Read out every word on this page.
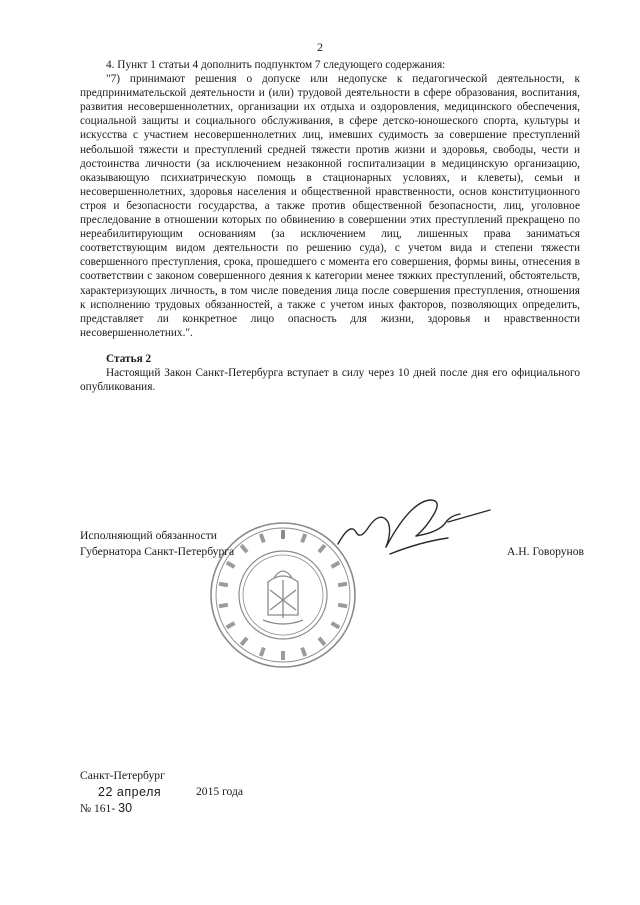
2

4. Пункт 1 статьи 4 дополнить подпунктом 7 следующего содержания:

"7) принимают решения о допуске или недопуске к педагогической деятельности, к предпринимательской деятельности и (или) трудовой деятельности в сфере образования, воспитания, развития несовершеннолетних, организации их отдыха и оздоровления, медицинского обеспечения, социальной защиты и социального обслуживания, в сфере детско-юношеского спорта, культуры и искусства с участием несовершеннолетних лиц, имевших судимость за совершение преступлений небольшой тяжести и преступлений средней тяжести против жизни и здоровья, свободы, чести и достоинства личности (за исключением незаконной госпитализации в медицинскую организацию, оказывающую психиатрическую помощь в стационарных условиях, и клеветы), семьи и несовершеннолетних, здоровья населения и общественной нравственности, основ конституционного строя и безопасности государства, а также против общественной безопасности, лиц, уголовное преследование в отношении которых по обвинению в совершении этих преступлений прекращено по нереабилитирующим основаниям (за исключением лиц, лишенных права заниматься соответствующим видом деятельности по решению суда), с учетом вида и степени тяжести совершенного преступления, срока, прошедшего с момента его совершения, формы вины, отнесения в соответствии с законом совершенного деяния к категории менее тяжких преступлений, обстоятельств, характеризующих личность, в том числе поведения лица после совершения преступления, отношения к исполнению трудовых обязанностей, а также с учетом иных факторов, позволяющих определить, представляет ли конкретное лицо опасность для жизни, здоровья и нравственности несовершеннолетних.".

Статья 2

Настоящий Закон Санкт-Петербурга вступает в силу через 10 дней после дня его официального опубликования.

Исполняющий обязанности
Губернатора Санкт-Петербурга	А.Н. Говорунов
Санкт-Петербург
22 апреля	2015 года
№ 161- 30
